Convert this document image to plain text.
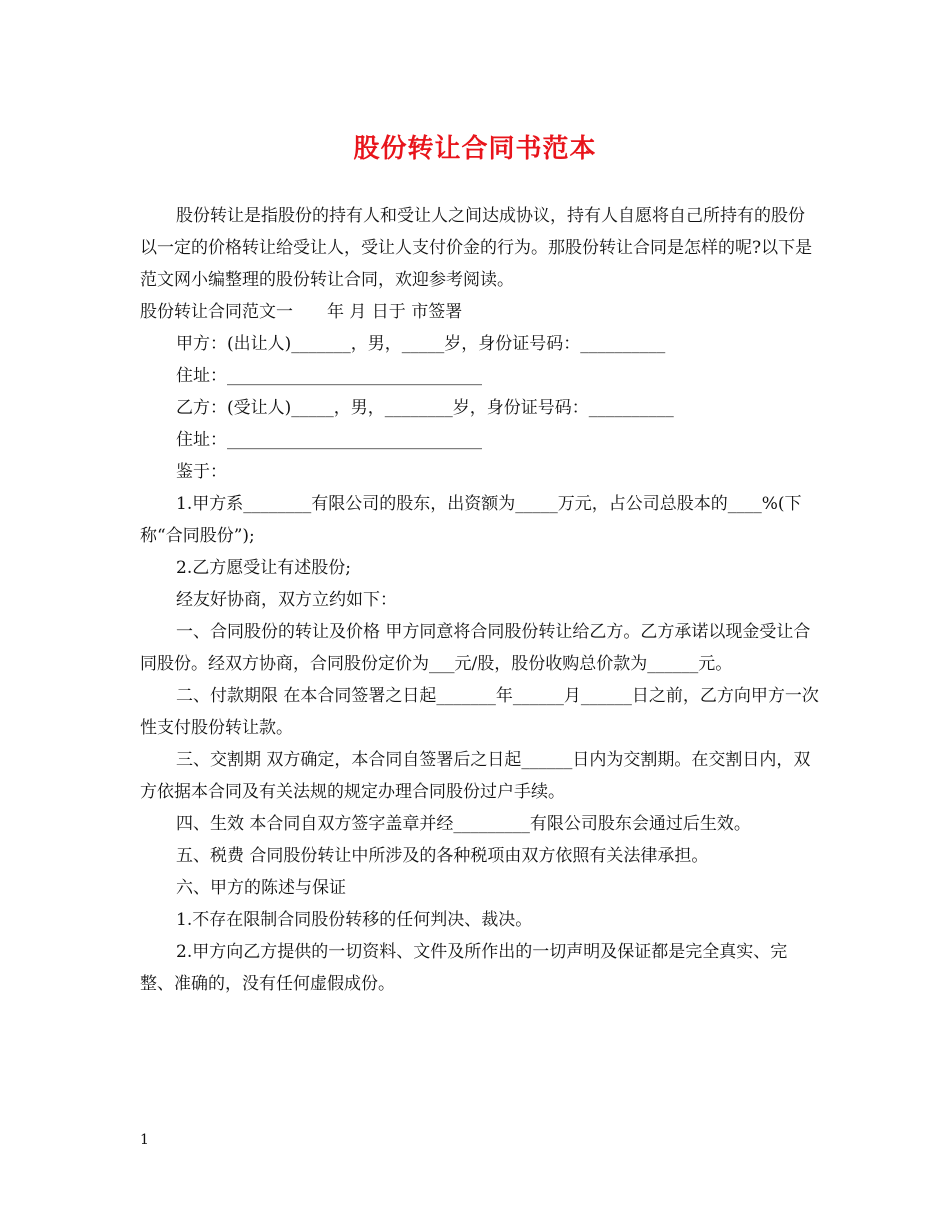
股份转让合同书范本

股份转让是指股份的持有人和受让人之间达成协议，持有人自愿将自己所持有的股份以一定的价格转让给受让人，受让人支付价金的行为。那股份转让合同是怎样的呢?以下是范文网小编整理的股份转让合同，欢迎参考阅读。

股份转让合同范文一　　年 月 日于 市签署

甲方：(出让人)_______，男，_____岁，身份证号码：__________

住址：______________________________

乙方：(受让人)_____，男，________岁，身份证号码：__________

住址：______________________________

鉴于：

1.甲方系________有限公司的股东，出资额为_____万元，占公司总股本的____%(下称“合同股份”);

2.乙方愿受让有述股份;

经友好协商，双方立约如下：

一、合同股份的转让及价格 甲方同意将合同股份转让给乙方。乙方承诺以现金受让合同股份。经双方协商，合同股份定价为___元/股，股份收购总价款为______元。

二、付款期限 在本合同签署之日起_______年______月______日之前，乙方向甲方一次性支付股份转让款。

三、交割期 双方确定，本合同自签署后之日起______日内为交割期。在交割日内，双方依据本合同及有关法规的规定办理合同股份过户手续。

四、生效 本合同自双方签字盖章并经_________有限公司股东会通过后生效。

五、税费 合同股份转让中所涉及的各种税项由双方依照有关法律承担。

六、甲方的陈述与保证

1.不存在限制合同股份转移的任何判决、裁决。

2.甲方向乙方提供的一切资料、文件及所作出的一切声明及保证都是完全真实、完整、准确的，没有任何虚假成份。

1
